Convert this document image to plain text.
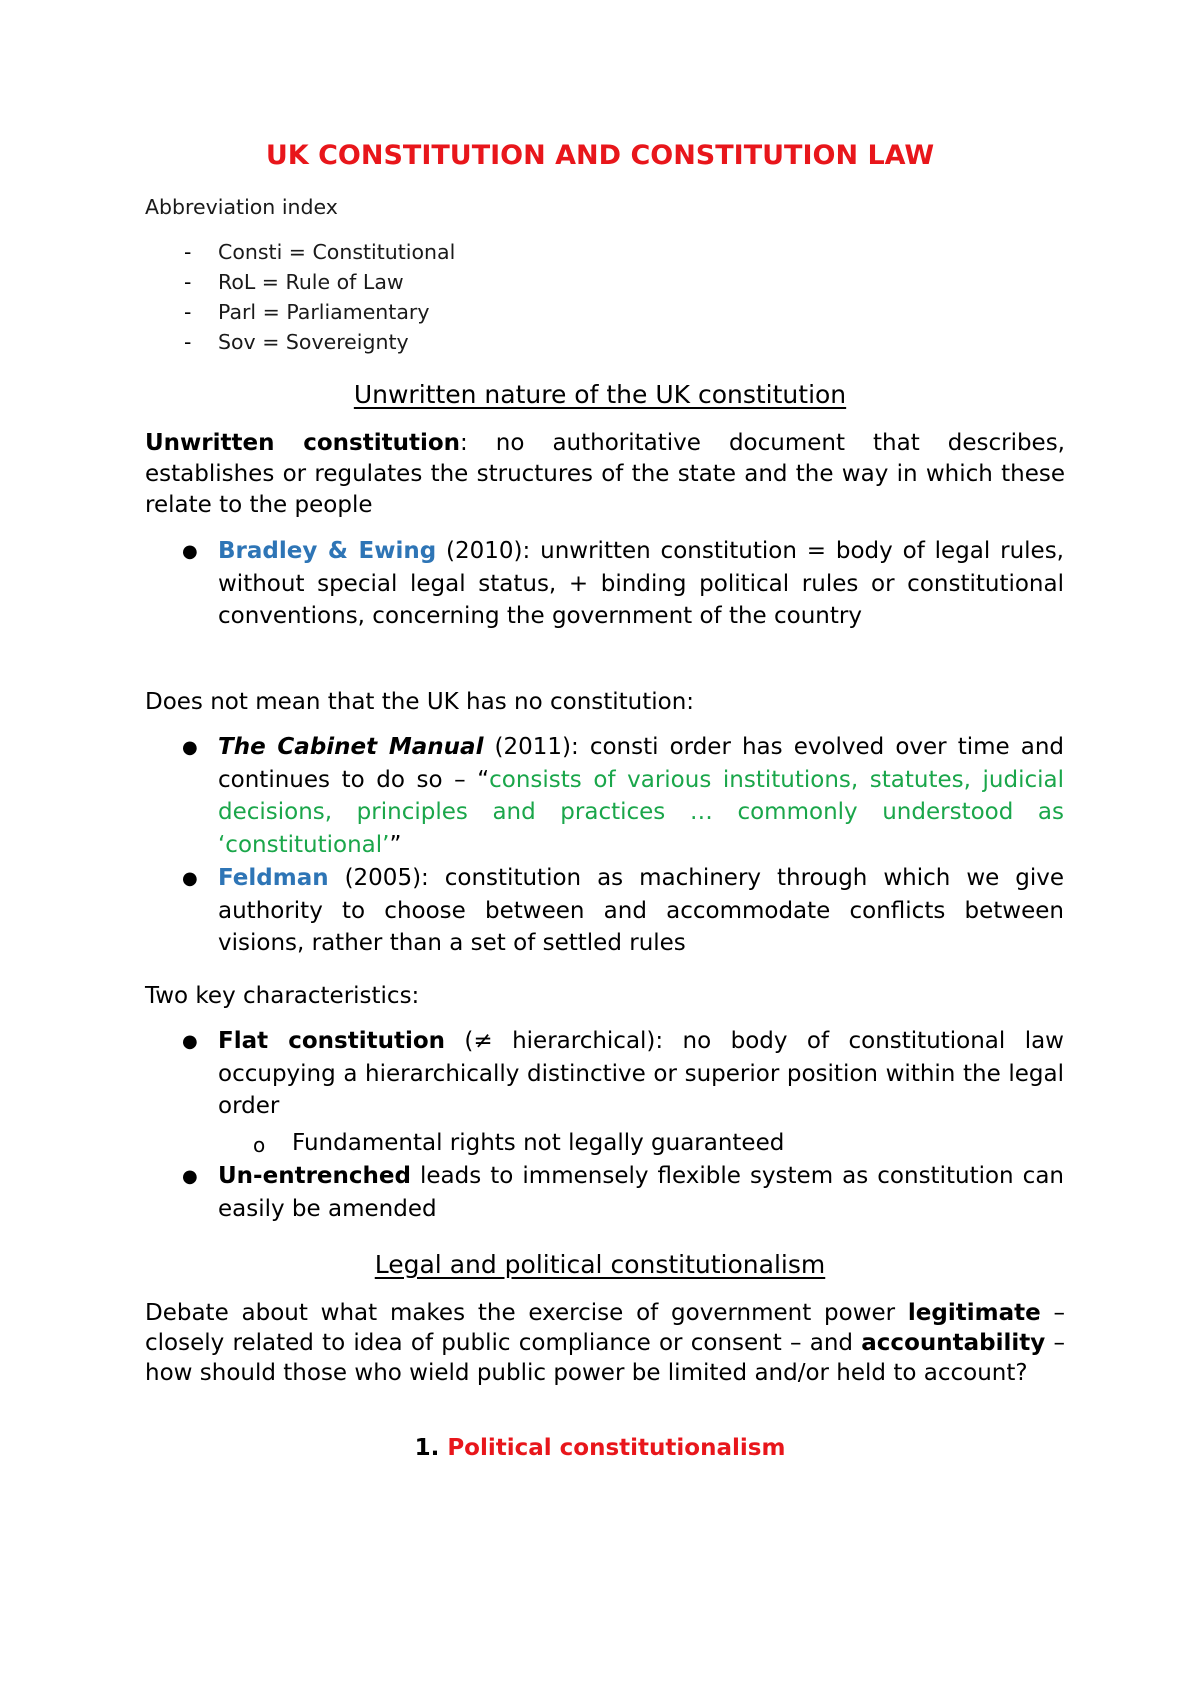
UK CONSTITUTION AND CONSTITUTION LAW
Abbreviation index
- Consti = Constitutional
- RoL = Rule of Law
- Parl = Parliamentary
- Sov = Sovereignty
Unwritten nature of the UK constitution
Unwritten constitution: no authoritative document that describes, establishes or regulates the structures of the state and the way in which these relate to the people
● Bradley & Ewing (2010): unwritten constitution = body of legal rules, without special legal status, + binding political rules or constitutional conventions, concerning the government of the country
Does not mean that the UK has no constitution:
● The Cabinet Manual (2011): consti order has evolved over time and continues to do so – “consists of various institutions, statutes, judicial decisions, principles and practices … commonly understood as ‘constitutional’”
● Feldman (2005): constitution as machinery through which we give authority to choose between and accommodate conflicts between visions, rather than a set of settled rules
Two key characteristics:
● Flat constitution (≠ hierarchical): no body of constitutional law occupying a hierarchically distinctive or superior position within the legal order
o Fundamental rights not legally guaranteed
● Un-entrenched leads to immensely flexible system as constitution can easily be amended
Legal and political constitutionalism
Debate about what makes the exercise of government power legitimate – closely related to idea of public compliance or consent – and accountability – how should those who wield public power be limited and/or held to account?
1. Political constitutionalism
